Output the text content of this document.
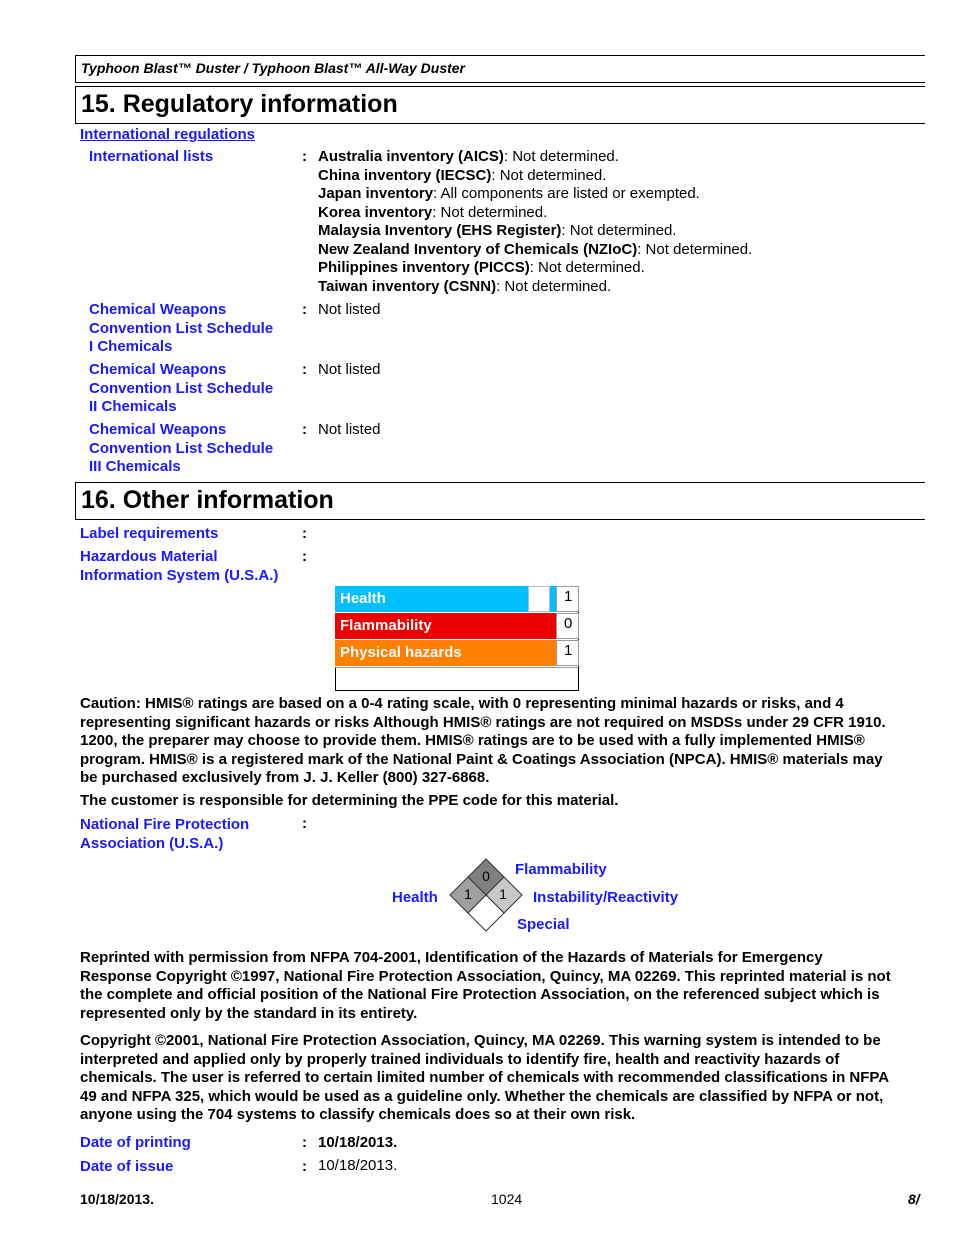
Typhoon Blast™ Duster / Typhoon Blast™ All-Way Duster
15. Regulatory information
International regulations
International lists	: Australia inventory (AICS): Not determined.
China inventory (IECSC): Not determined.
Japan inventory: All components are listed or exempted.
Korea inventory: Not determined.
Malaysia Inventory (EHS Register): Not determined.
New Zealand Inventory of Chemicals (NZIoC): Not determined.
Philippines inventory (PICCS): Not determined.
Taiwan inventory (CSNN): Not determined.
Chemical Weapons
Convention List Schedule
I Chemicals
: Not listed
Chemical Weapons
Convention List Schedule
II Chemicals
: Not listed
Chemical Weapons
Convention List Schedule
III Chemicals
: Not listed
16. Other information
Label requirements	:
Hazardous Material
Information System (U.S.A.)
:
Health	1
Flammability	0
Physical hazards	1
Caution: HMIS® ratings are based on a 0-4 rating scale, with 0 representing minimal hazards or risks, and 4
representing significant hazards or risks Although HMIS® ratings are not required on MSDSs under 29 CFR 1910.
1200, the preparer may choose to provide them. HMIS® ratings are to be used with a fully implemented HMIS®
program. HMIS® is a registered mark of the National Paint & Coatings Association (NPCA). HMIS® materials may
be purchased exclusively from J. J. Keller (800) 327-6868.
The customer is responsible for determining the PPE code for this material.
National Fire Protection
Association (U.S.A.)
:
0
1 1
Flammability
Health	Instability/Reactivity
Special
Reprinted with permission from NFPA 704-2001, Identification of the Hazards of Materials for Emergency
Response Copyright ©1997, National Fire Protection Association, Quincy, MA 02269. This reprinted material is not
the complete and official position of the National Fire Protection Association, on the referenced subject which is
represented only by the standard in its entirety.
Copyright ©2001, National Fire Protection Association, Quincy, MA 02269. This warning system is intended to be
interpreted and applied only by properly trained individuals to identify fire, health and reactivity hazards of
chemicals. The user is referred to certain limited number of chemicals with recommended classifications in NFPA
49 and NFPA 325, which would be used as a guideline only. Whether the chemicals are classified by NFPA or not,
anyone using the 704 systems to classify chemicals does so at their own risk.
Date of printing	: 10/18/2013.
Date of issue	: 10/18/2013.
10/18/2013.	1024	8/
